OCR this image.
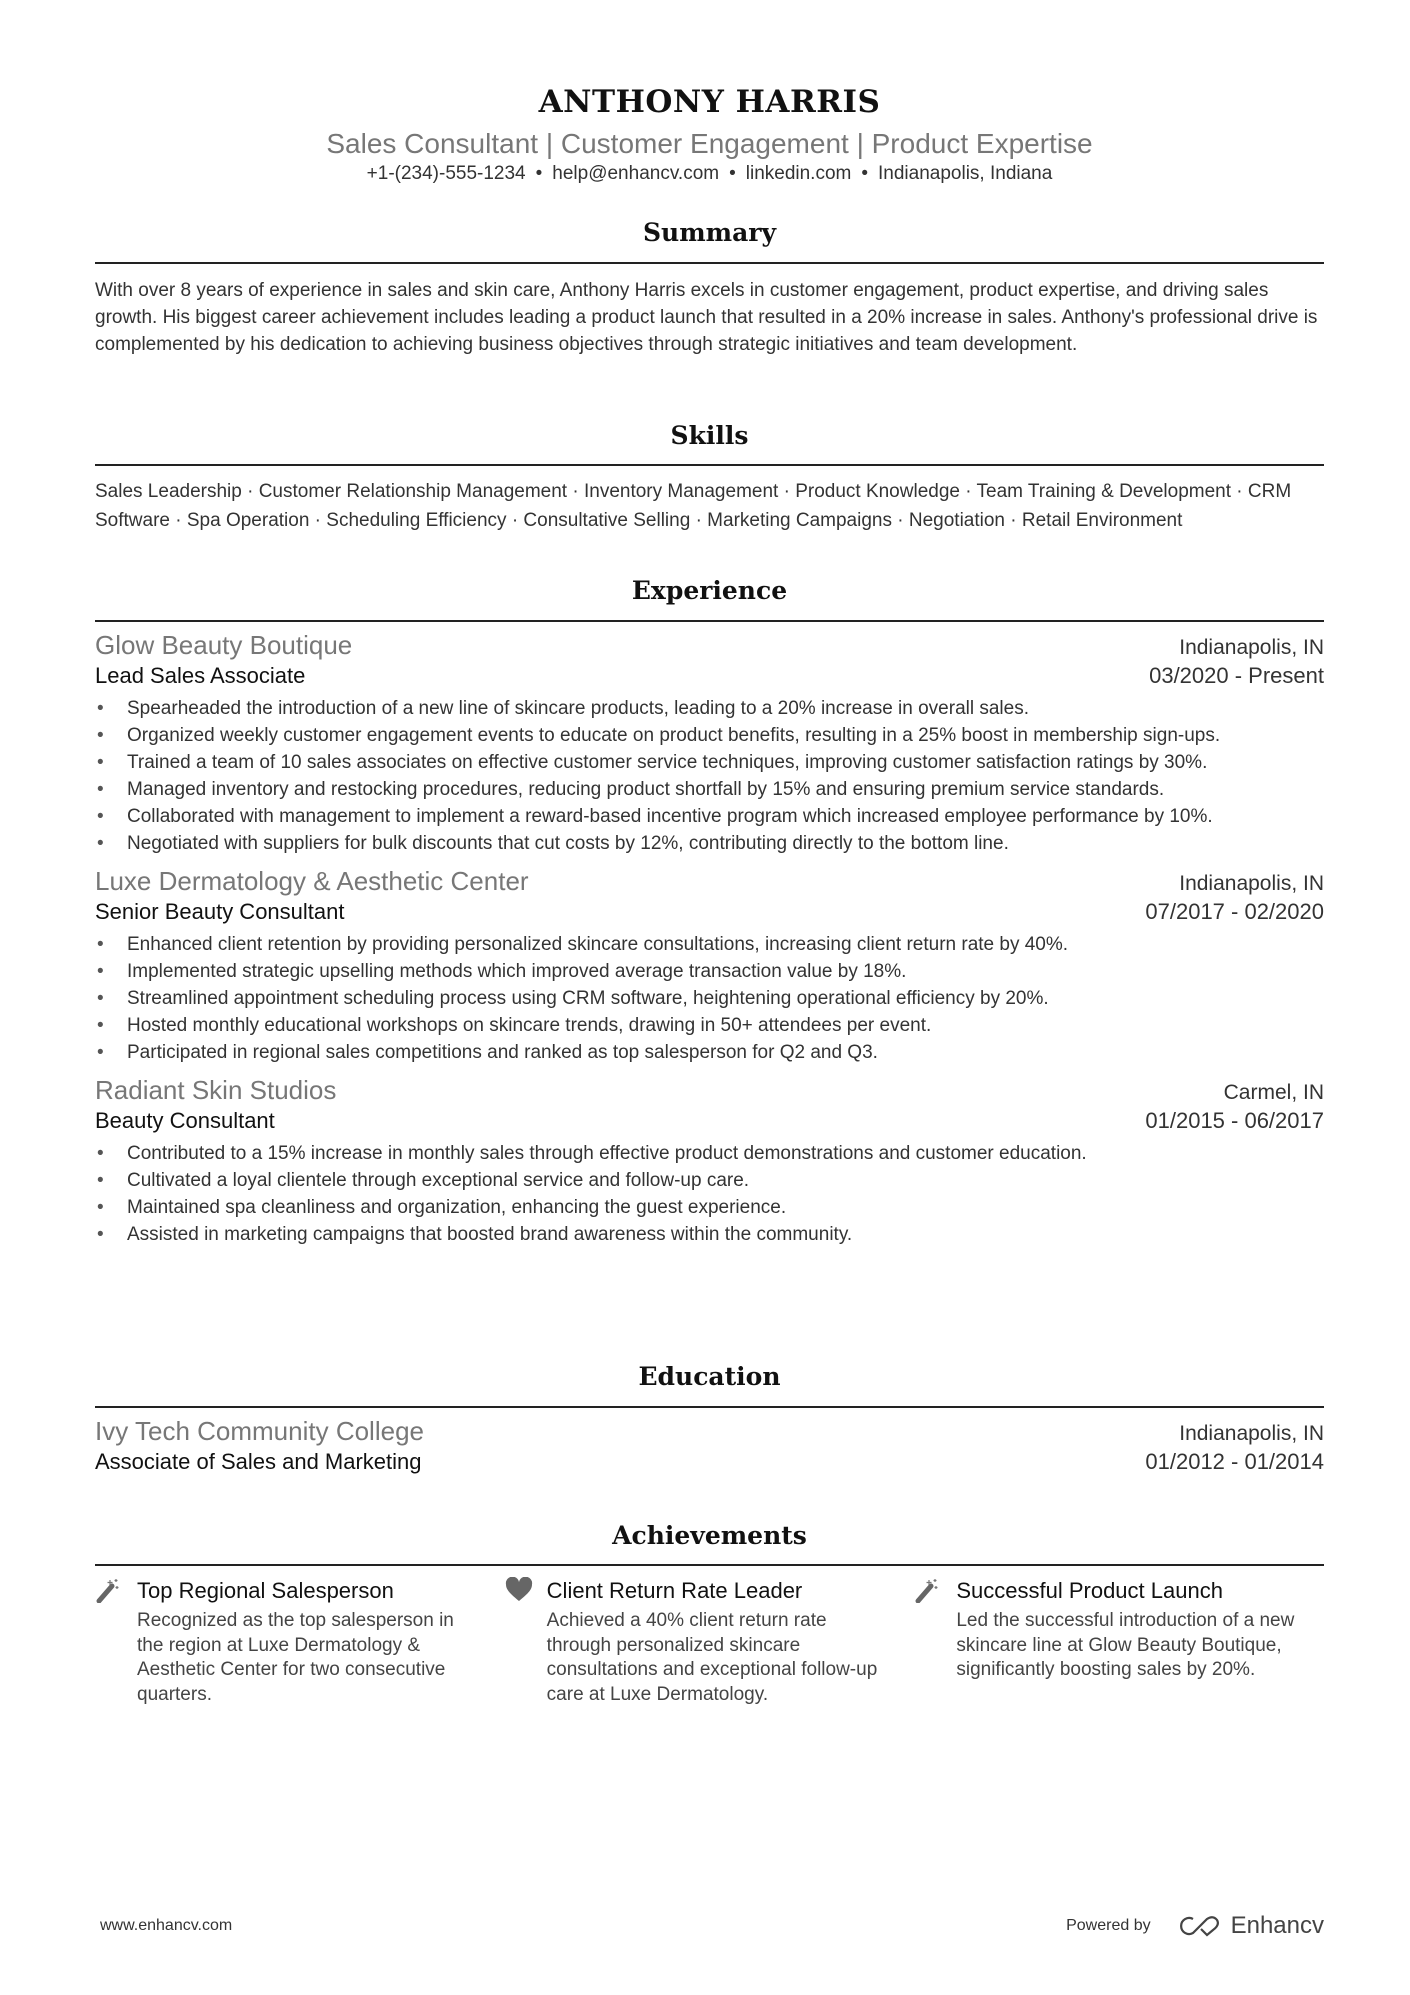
ANTHONY HARRIS
Sales Consultant | Customer Engagement | Product Expertise
+1-(234)-555-1234 • help@enhancv.com • linkedin.com • Indianapolis, Indiana
Summary
With over 8 years of experience in sales and skin care, Anthony Harris excels in customer engagement, product expertise, and driving sales growth. His biggest career achievement includes leading a product launch that resulted in a 20% increase in sales. Anthony's professional drive is complemented by his dedication to achieving business objectives through strategic initiatives and team development.
Skills
Sales Leadership · Customer Relationship Management · Inventory Management · Product Knowledge · Team Training & Development · CRM Software · Spa Operation · Scheduling Efficiency · Consultative Selling · Marketing Campaigns · Negotiation · Retail Environment
Experience
Glow Beauty Boutique	Indianapolis, IN
Lead Sales Associate	03/2020 - Present
• Spearheaded the introduction of a new line of skincare products, leading to a 20% increase in overall sales.
• Organized weekly customer engagement events to educate on product benefits, resulting in a 25% boost in membership sign-ups.
• Trained a team of 10 sales associates on effective customer service techniques, improving customer satisfaction ratings by 30%.
• Managed inventory and restocking procedures, reducing product shortfall by 15% and ensuring premium service standards.
• Collaborated with management to implement a reward-based incentive program which increased employee performance by 10%.
• Negotiated with suppliers for bulk discounts that cut costs by 12%, contributing directly to the bottom line.
Luxe Dermatology & Aesthetic Center	Indianapolis, IN
Senior Beauty Consultant	07/2017 - 02/2020
• Enhanced client retention by providing personalized skincare consultations, increasing client return rate by 40%.
• Implemented strategic upselling methods which improved average transaction value by 18%.
• Streamlined appointment scheduling process using CRM software, heightening operational efficiency by 20%.
• Hosted monthly educational workshops on skincare trends, drawing in 50+ attendees per event.
• Participated in regional sales competitions and ranked as top salesperson for Q2 and Q3.
Radiant Skin Studios	Carmel, IN
Beauty Consultant	01/2015 - 06/2017
• Contributed to a 15% increase in monthly sales through effective product demonstrations and customer education.
• Cultivated a loyal clientele through exceptional service and follow-up care.
• Maintained spa cleanliness and organization, enhancing the guest experience.
• Assisted in marketing campaigns that boosted brand awareness within the community.
Education
Ivy Tech Community College	Indianapolis, IN
Associate of Sales and Marketing	01/2012 - 01/2014
Achievements
Top Regional Salesperson
Recognized as the top salesperson in the region at Luxe Dermatology & Aesthetic Center for two consecutive quarters.
Client Return Rate Leader
Achieved a 40% client return rate through personalized skincare consultations and exceptional follow-up care at Luxe Dermatology.
Successful Product Launch
Led the successful introduction of a new skincare line at Glow Beauty Boutique, significantly boosting sales by 20%.
www.enhancv.com	Powered by	Enhancv
